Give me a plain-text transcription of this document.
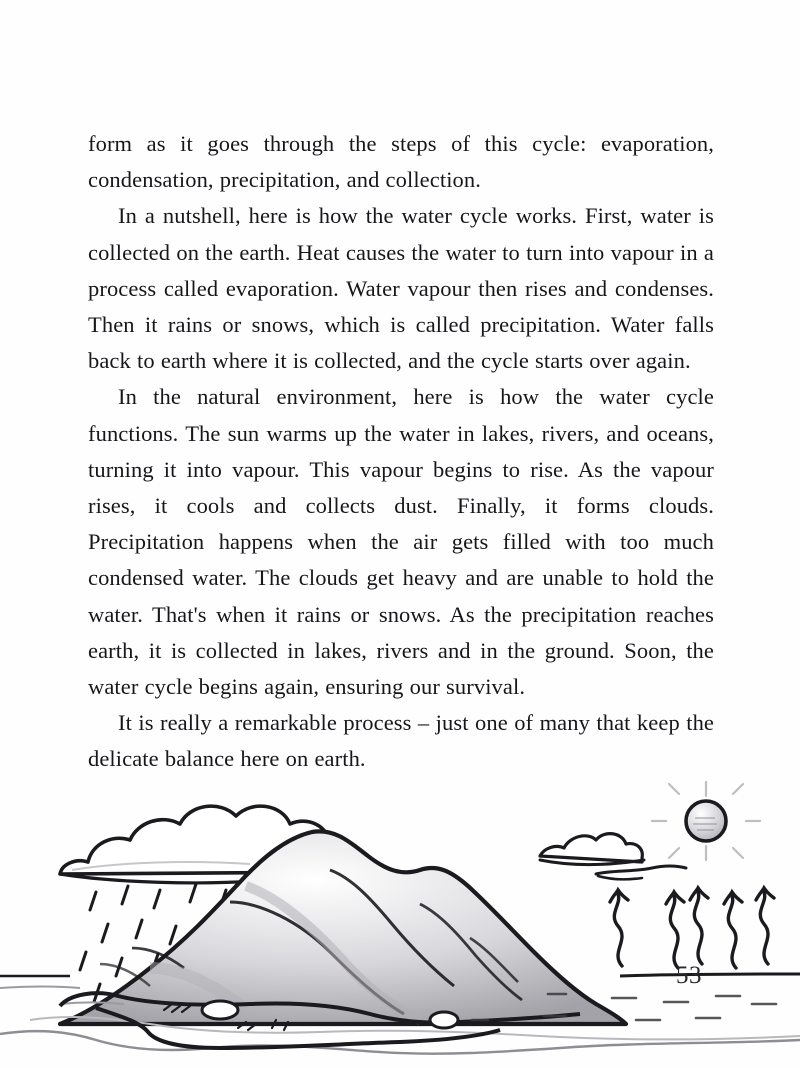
form as it goes through the steps of this cycle: evaporation, condensation, precipitation, and collection.

In a nutshell, here is how the water cycle works. First, water is collected on the earth. Heat causes the water to turn into vapour in a process called evaporation. Water vapour then rises and condenses. Then it rains or snows, which is called precipitation. Water falls back to earth where it is collected, and the cycle starts over again.

In the natural environment, here is how the water cycle functions. The sun warms up the water in lakes, rivers, and oceans, turning it into vapour. This vapour begins to rise. As the vapour rises, it cools and collects dust. Finally, it forms clouds. Precipitation happens when the air gets filled with too much condensed water. The clouds get heavy and are unable to hold the water. That's when it rains or snows. As the precipitation reaches earth, it is collected in lakes, rivers and in the ground. Soon, the water cycle begins again, ensuring our survival.

It is really a remarkable process – just one of many that keep the delicate balance here on earth.

53
